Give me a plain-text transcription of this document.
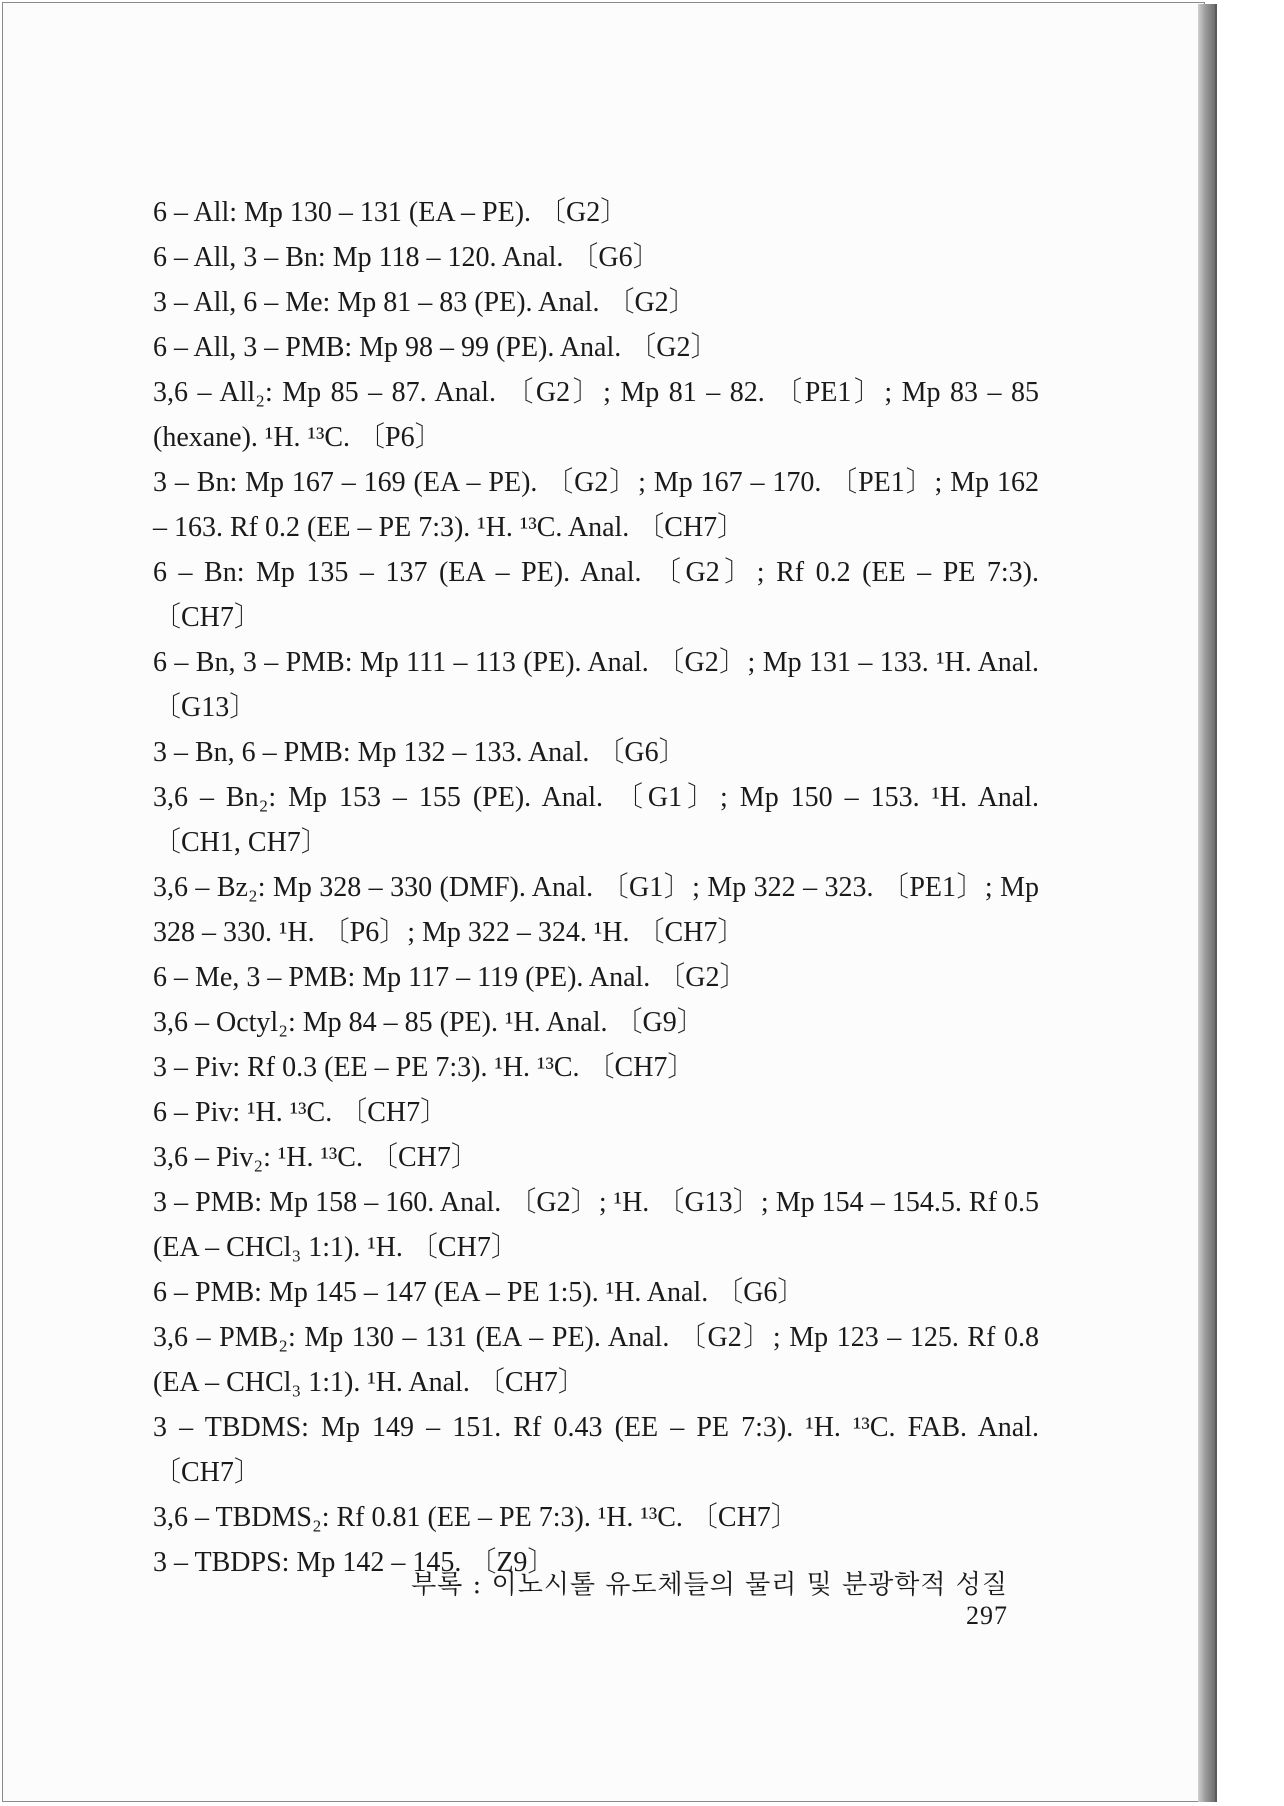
6 – All: Mp 130 – 131 (EA – PE). 〔G2〕

6 – All, 3 – Bn: Mp 118 – 120. Anal. 〔G6〕

3 – All, 6 – Me: Mp 81 – 83 (PE). Anal. 〔G2〕

6 – All, 3 – PMB: Mp 98 – 99 (PE). Anal. 〔G2〕

3,6 – All₂: Mp 85 – 87. Anal. 〔G2〕; Mp 81 – 82. 〔PE1〕; Mp 83 – 85 (hexane). ¹H. ¹³C. 〔P6〕

3 – Bn: Mp 167 – 169 (EA – PE). 〔G2〕; Mp 167 – 170. 〔PE1〕; Mp 162 – 163. Rf 0.2 (EE – PE 7:3). ¹H. ¹³C. Anal. 〔CH7〕

6 – Bn: Mp 135 – 137 (EA – PE). Anal. 〔G2〕; Rf 0.2 (EE – PE 7:3). 〔CH7〕

6 – Bn, 3 – PMB: Mp 111 – 113 (PE). Anal. 〔G2〕; Mp 131 – 133. ¹H. Anal. 〔G13〕

3 – Bn, 6 – PMB: Mp 132 – 133. Anal. 〔G6〕

3,6 – Bn₂: Mp 153 – 155 (PE). Anal. 〔G1〕; Mp 150 – 153. ¹H. Anal. 〔CH1, CH7〕

3,6 – Bz₂: Mp 328 – 330 (DMF). Anal. 〔G1〕; Mp 322 – 323. 〔PE1〕; Mp 328 – 330. ¹H. 〔P6〕; Mp 322 – 324. ¹H. 〔CH7〕

6 – Me, 3 – PMB: Mp 117 – 119 (PE). Anal. 〔G2〕

3,6 – Octyl₂: Mp 84 – 85 (PE). ¹H. Anal. 〔G9〕

3 – Piv: Rf 0.3 (EE – PE 7:3). ¹H. ¹³C. 〔CH7〕

6 – Piv: ¹H. ¹³C. 〔CH7〕

3,6 – Piv₂: ¹H. ¹³C. 〔CH7〕

3 – PMB: Mp 158 – 160. Anal. 〔G2〕; ¹H. 〔G13〕; Mp 154 – 154.5. Rf 0.5 (EA – CHCl₃ 1:1). ¹H. 〔CH7〕

6 – PMB: Mp 145 – 147 (EA – PE 1:5). ¹H. Anal. 〔G6〕

3,6 – PMB₂: Mp 130 – 131 (EA – PE). Anal. 〔G2〕; Mp 123 – 125. Rf 0.8 (EA – CHCl₃ 1:1). ¹H. Anal. 〔CH7〕

3 – TBDMS: Mp 149 – 151. Rf 0.43 (EE – PE 7:3). ¹H. ¹³C. FAB. Anal. 〔CH7〕

3,6 – TBDMS₂: Rf 0.81 (EE – PE 7:3). ¹H. ¹³C. 〔CH7〕

3 – TBDPS: Mp 142 – 145. 〔Z9〕

부록 : 이노시톨 유도체들의 물리 및 분광학적 성질 297
